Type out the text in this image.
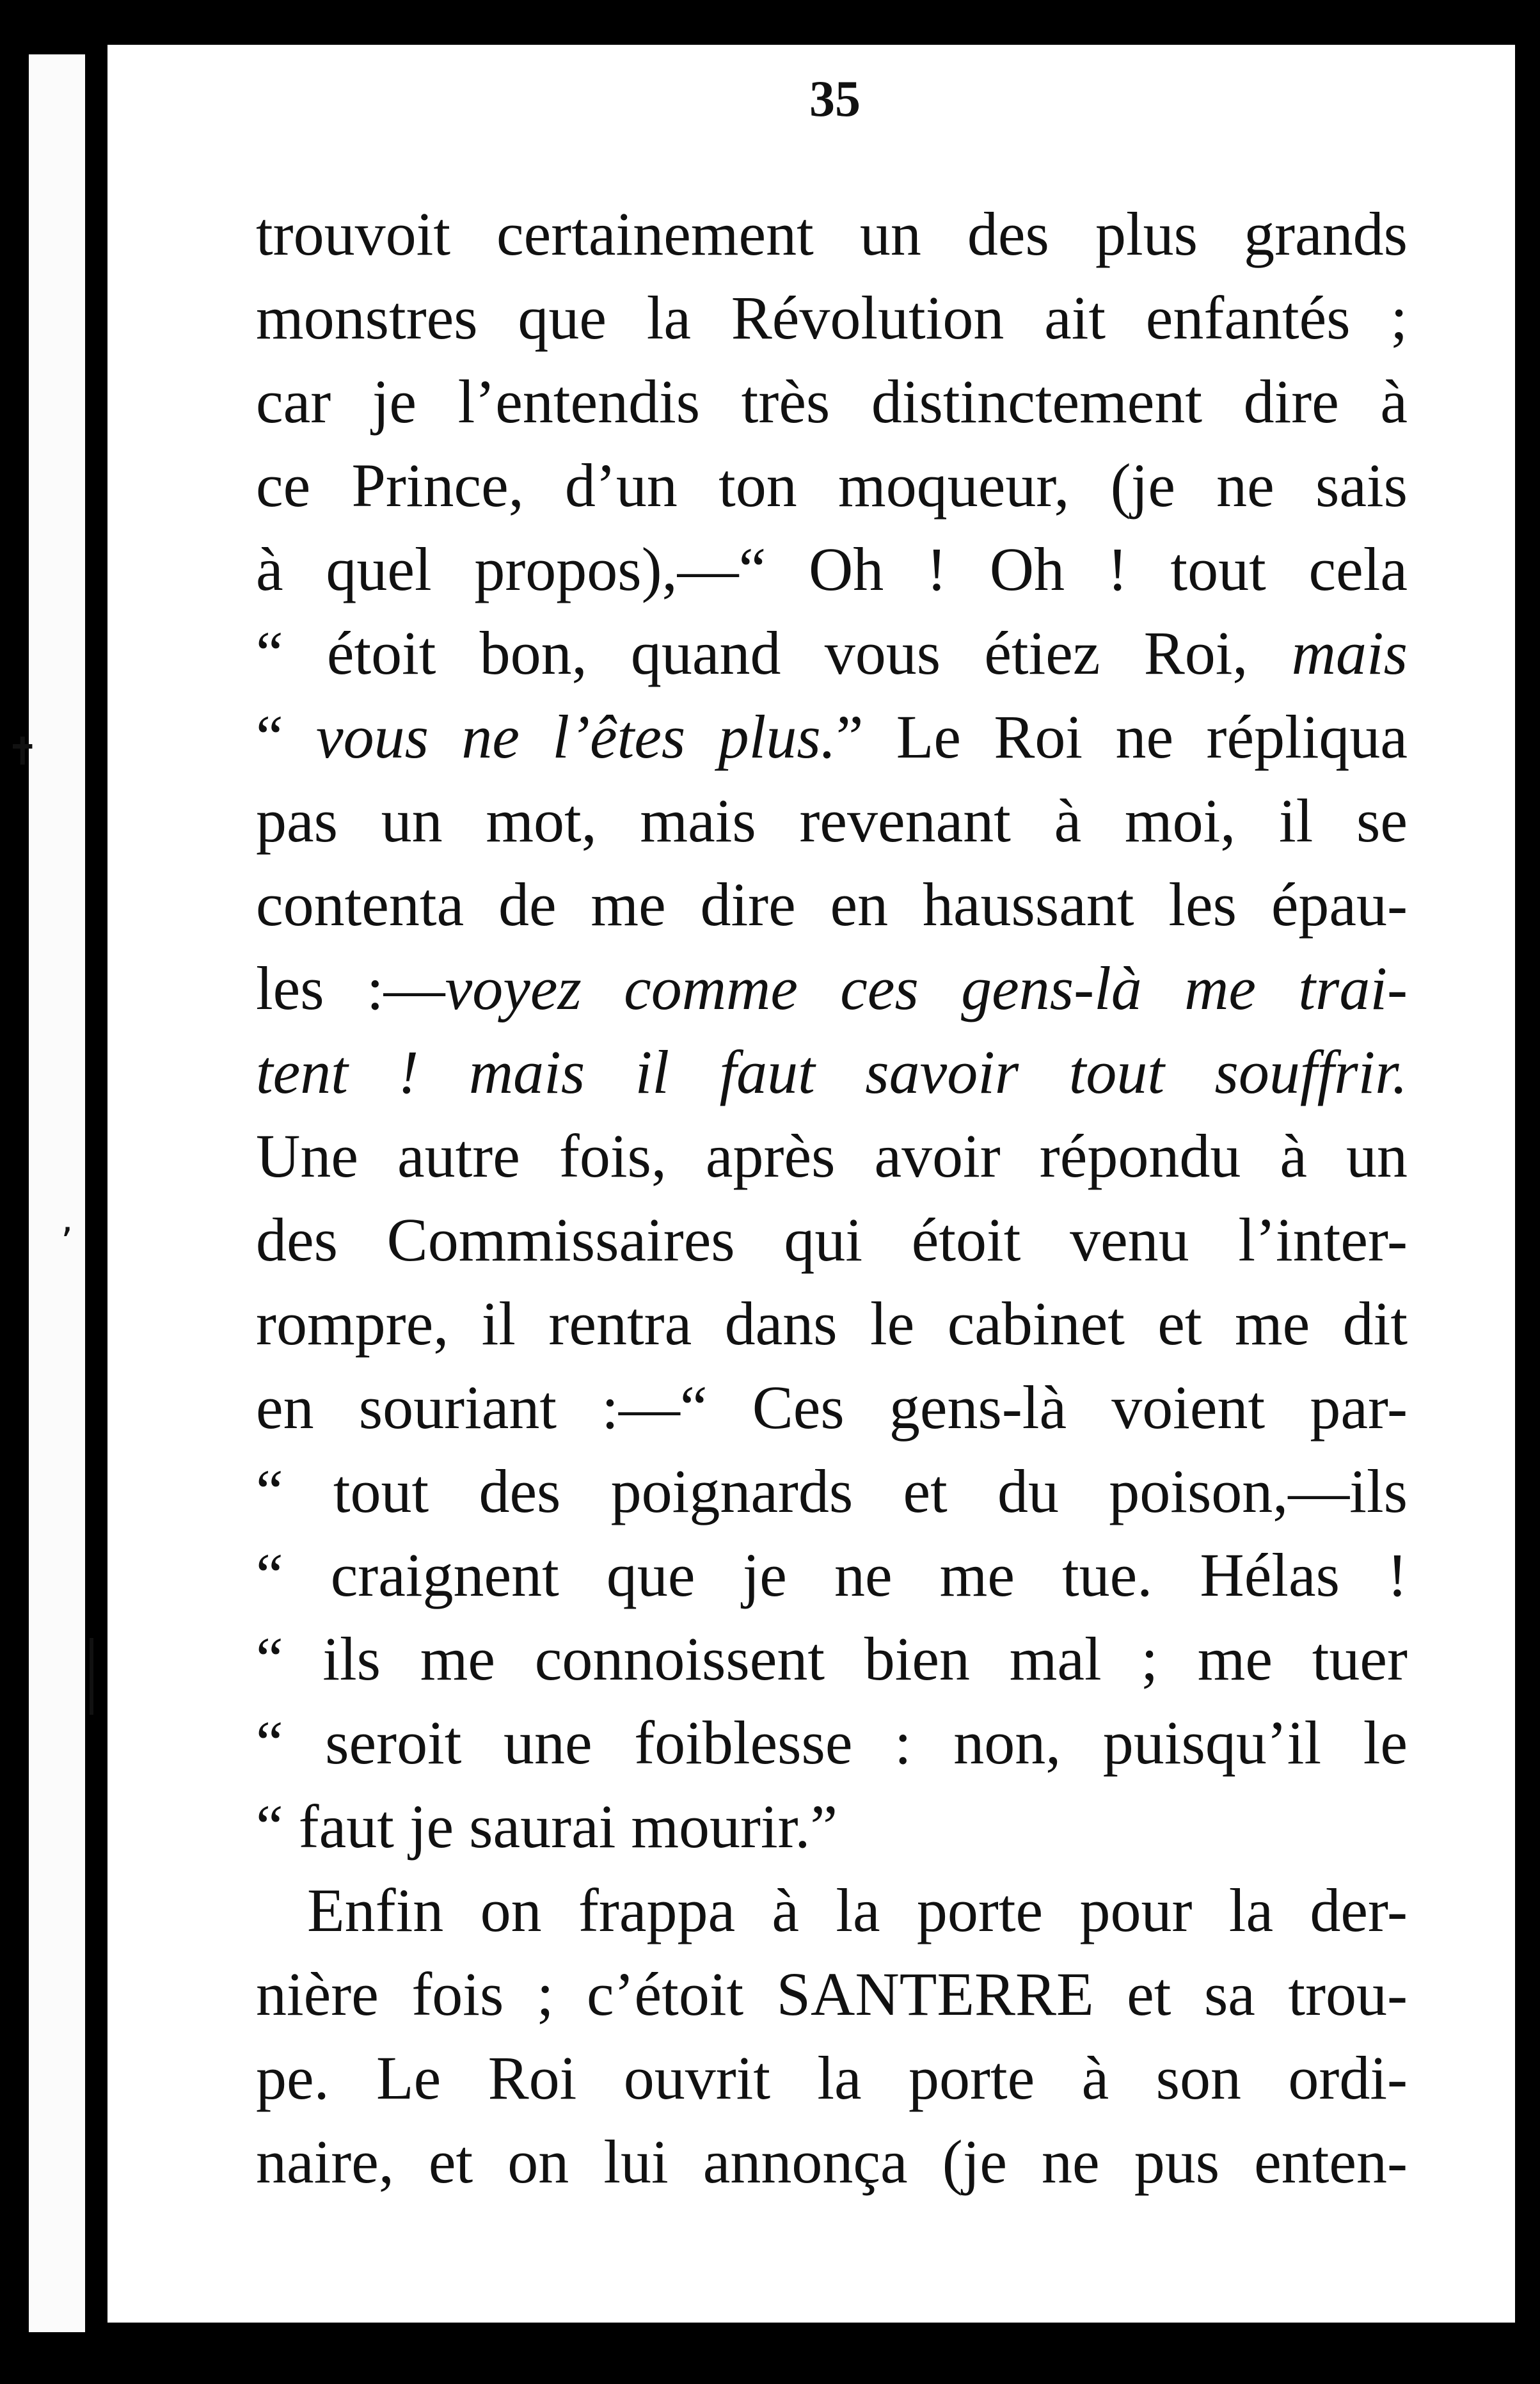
35
trouvoit certainement un des plus grands
monstres que la Révolution ait enfantés ;
car je l’entendis très distinctement dire à
ce Prince, d’un ton moqueur, (je ne sais
à quel propos),—“ Oh ! Oh ! tout cela
“ étoit bon, quand vous étiez Roi, mais
“ vous ne l’êtes plus.” Le Roi ne répliqua
pas un mot, mais revenant à moi, il se
contenta de me dire en haussant les épau-
les :—voyez comme ces gens-là me trai-
tent ! mais il faut savoir tout souffrir.
Une autre fois, après avoir répondu à un
des Commissaires qui étoit venu l’inter-
rompre, il rentra dans le cabinet et me dit
en souriant :—“ Ces gens-là voient par-
“ tout des poignards et du poison,—ils
“ craignent que je ne me tue. Hélas !
“ ils me connoissent bien mal ; me tuer
“ seroit une foiblesse : non, puisqu’il le
“ faut je saurai mourir.”
Enfin on frappa à la porte pour la der-
nière fois ; c’étoit SANTERRE et sa trou-
pe. Le Roi ouvrit la porte à son ordi-
naire, et on lui annonça (je ne pus enten-
✝
‚
